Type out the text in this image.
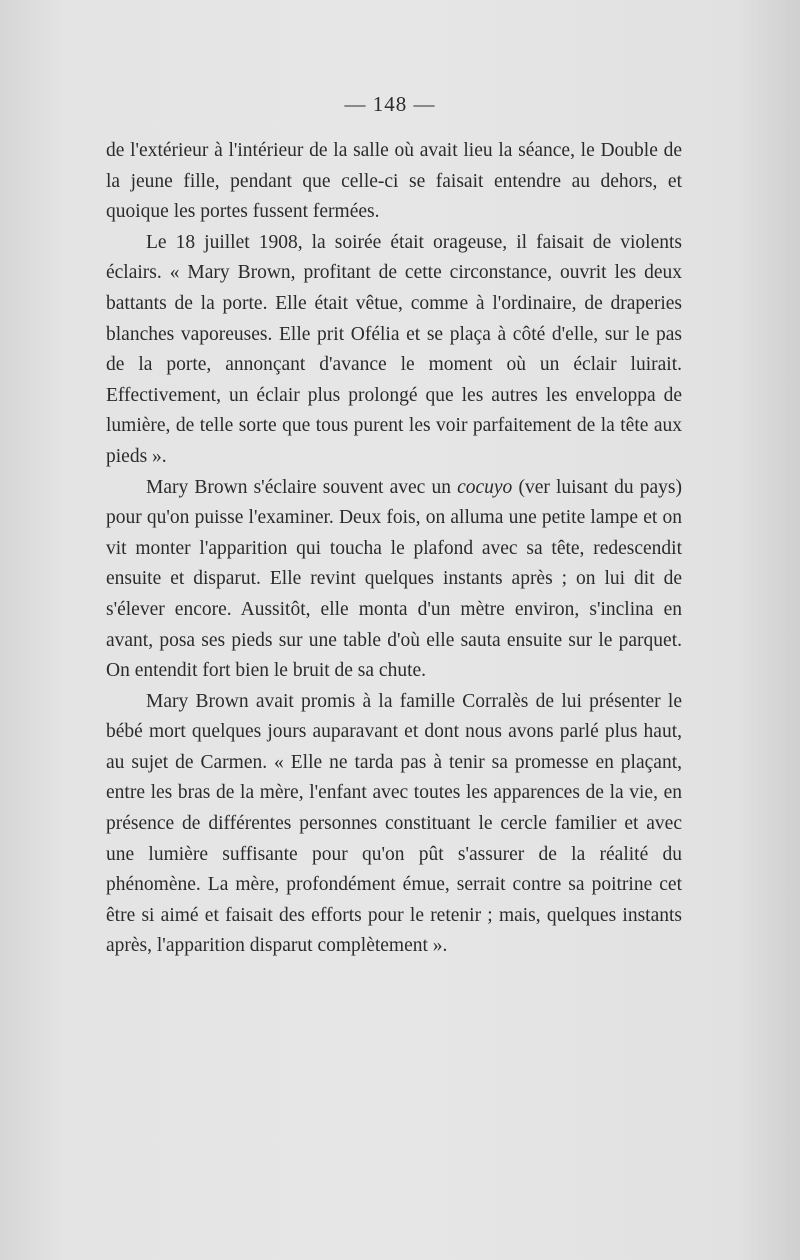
— 148 —

de l'extérieur à l'intérieur de la salle où avait lieu la séance, le Double de la jeune fille, pendant que celle-ci se faisait entendre au dehors, et quoique les portes fussent fermées.

Le 18 juillet 1908, la soirée était orageuse, il faisait de violents éclairs. « Mary Brown, profitant de cette circonstance, ouvrit les deux battants de la porte. Elle était vêtue, comme à l'ordinaire, de draperies blanches vaporeuses. Elle prit Ofélia et se plaça à côté d'elle, sur le pas de la porte, annonçant d'avance le moment où un éclair luirait. Effectivement, un éclair plus prolongé que les autres les enveloppa de lumière, de telle sorte que tous purent les voir parfaitement de la tête aux pieds ».

Mary Brown s'éclaire souvent avec un cocuyo (ver luisant du pays) pour qu'on puisse l'examiner. Deux fois, on alluma une petite lampe et on vit monter l'apparition qui toucha le plafond avec sa tête, redescendit ensuite et disparut. Elle revint quelques instants après ; on lui dit de s'élever encore. Aussitôt, elle monta d'un mètre environ, s'inclina en avant, posa ses pieds sur une table d'où elle sauta ensuite sur le parquet. On entendit fort bien le bruit de sa chute.

Mary Brown avait promis à la famille Corralès de lui présenter le bébé mort quelques jours auparavant et dont nous avons parlé plus haut, au sujet de Carmen. « Elle ne tarda pas à tenir sa promesse en plaçant, entre les bras de la mère, l'enfant avec toutes les apparences de la vie, en présence de différentes personnes constituant le cercle familier et avec une lumière suffisante pour qu'on pût s'assurer de la réalité du phénomène. La mère, profondément émue, serrait contre sa poitrine cet être si aimé et faisait des efforts pour le retenir ; mais, quelques instants après, l'apparition disparut complètement ».
